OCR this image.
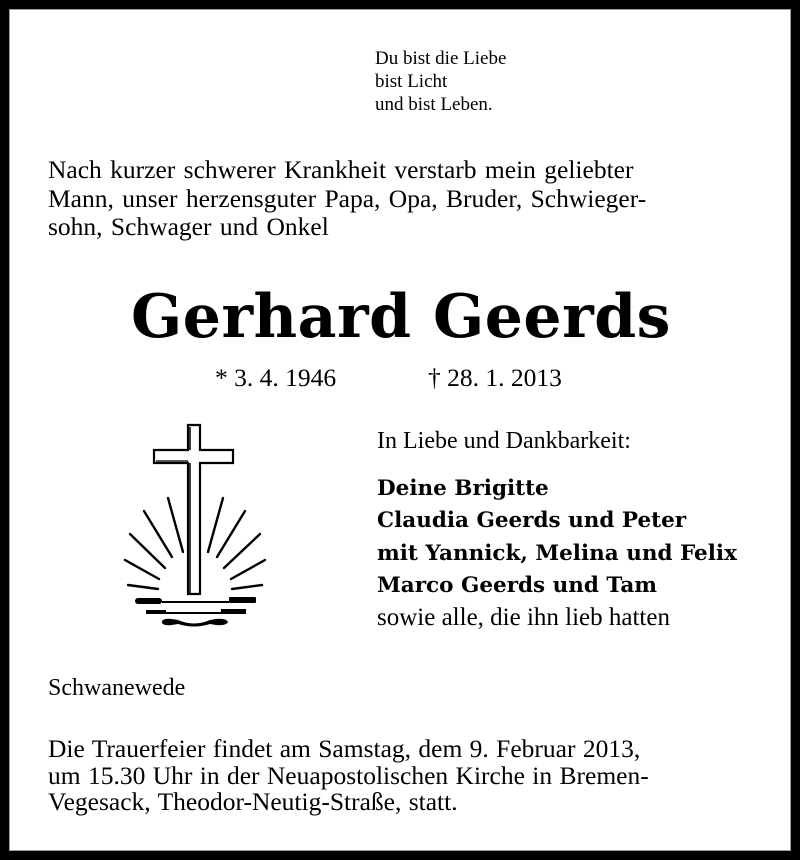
Du bist die Liebe
bist Licht
und bist Leben.
Nach kurzer schwerer Krankheit verstarb mein geliebter
Mann, unser herzensguter Papa, Opa, Bruder, Schwieger-
sohn, Schwager und Onkel
Gerhard Geerds
* 3. 4. 1946	† 28. 1. 2013
In Liebe und Dankbarkeit:
Deine Brigitte
Claudia Geerds und Peter
mit Yannick, Melina und Felix
Marco Geerds und Tam
sowie alle, die ihn lieb hatten
Schwanewede
Die Trauerfeier findet am Samstag, dem 9. Februar 2013,
um 15.30 Uhr in der Neuapostolischen Kirche in Bremen-
Vegesack, Theodor-Neutig-Straße, statt.
